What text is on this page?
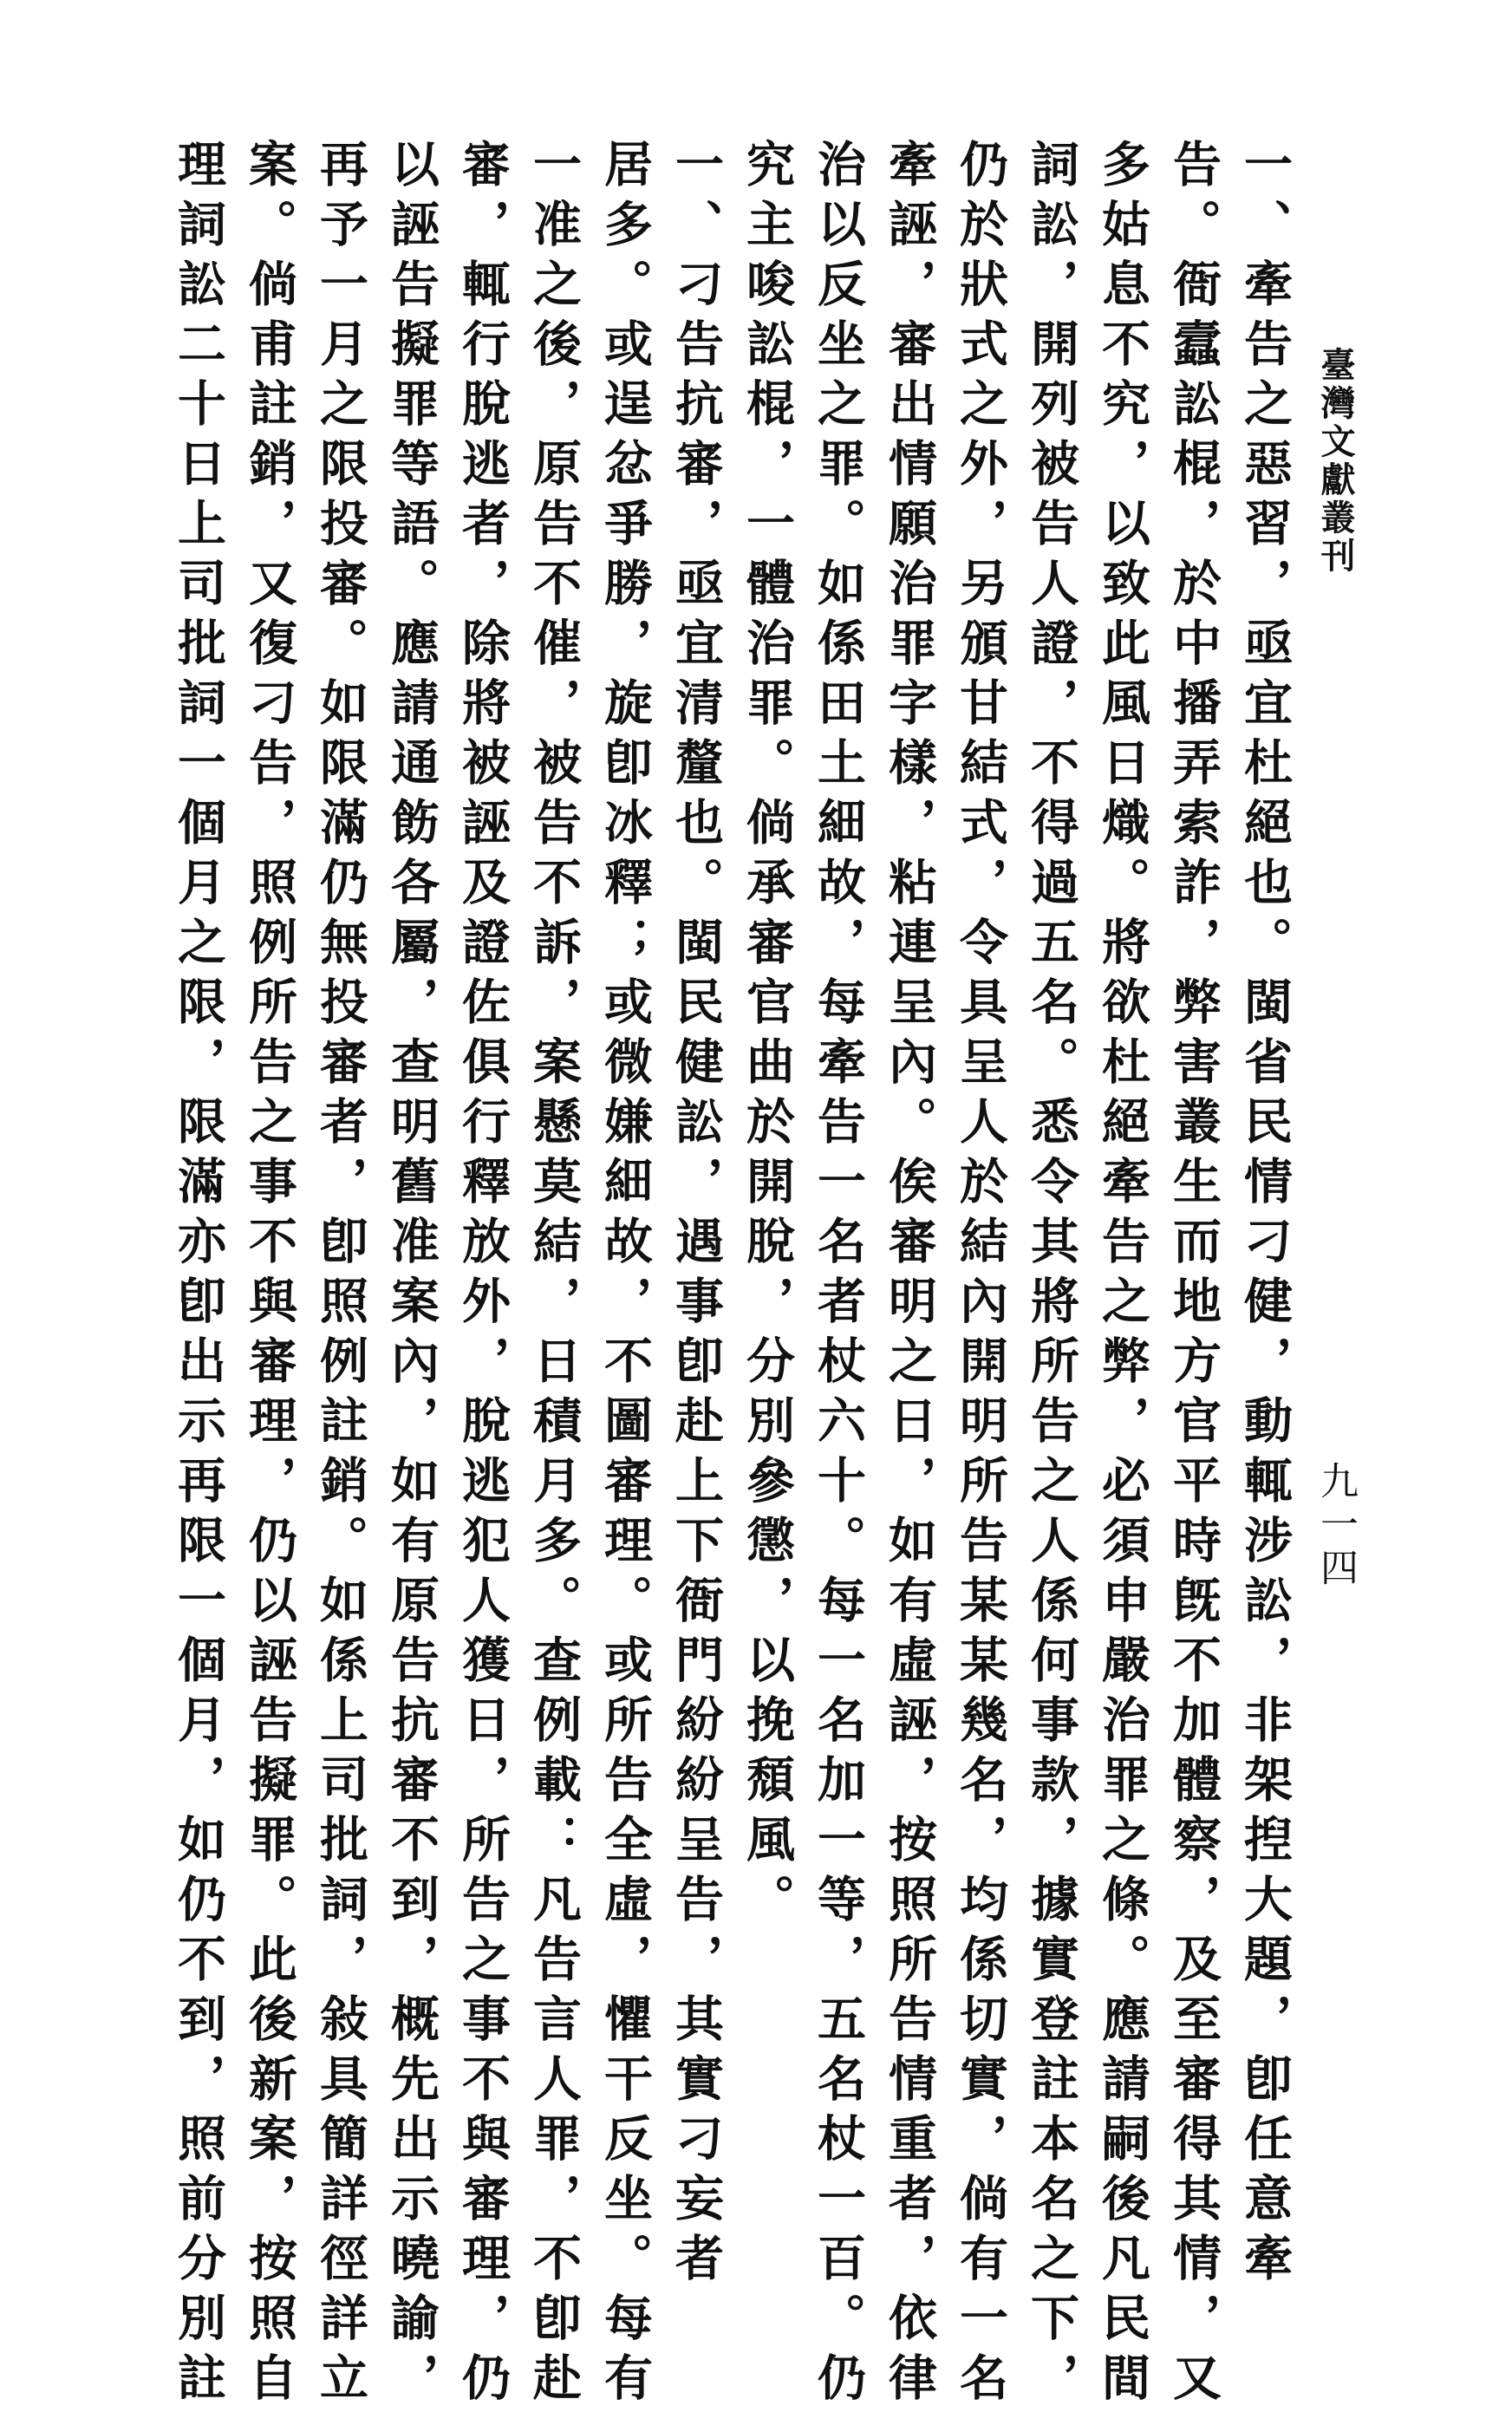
臺灣文獻叢刊
九一四
一、牽告之惡習，亟宜杜絕也。閩省民情刁健，動輒涉訟，非架揑大題，卽任意牽
告。衙蠧訟棍，於中播弄索詐，弊害叢生而地方官平時旣不加體察，及至審得其情，又
多姑息不究，以致此風日熾。將欲杜絕牽告之弊，必須申嚴治罪之條。應請嗣後凡民間
詞訟，開列被告人證，不得過五名。悉令其將所告之人係何事款，據實登註本名之下，
仍於狀式之外，另頒甘結式，令具呈人於結內開明所告某某幾名，均係切實，倘有一名
牽誣，審出情願治罪字樣，粘連呈內。俟審明之日，如有虛誣，按照所告情重者，依律
治以反坐之罪。如係田土細故，每牽告一名者杖六十。每一名加一等，五名杖一百。仍
究主唆訟棍，一體治罪。倘承審官曲於開脫，分別參懲，以挽頹風。
一、刁告抗審，亟宜清釐也。閩民健訟，遇事卽赴上下衙門紛紛呈告，其實刁妄者
居多。或逞忿爭勝，旋卽冰釋；或微嫌細故，不圖審理。或所告全虛，懼干反坐。每有
一准之後，原告不催，被告不訴，案懸莫結，日積月多。查例載：凡告言人罪，不卽赴
審，輒行脫逃者，除將被誣及證佐俱行釋放外，脫逃犯人獲日，所告之事不與審理，仍
以誣告擬罪等語。應請通飭各屬，查明舊准案內，如有原告抗審不到，概先出示曉諭，
再予一月之限投審。如限滿仍無投審者，卽照例註銷。如係上司批詞，敍具簡詳徑詳立
案。倘甫註銷，又復刁告，照例所告之事不與審理，仍以誣告擬罪。此後新案，按照自
理詞訟二十日上司批詞一個月之限，限滿亦卽出示再限一個月，如仍不到，照前分別註
